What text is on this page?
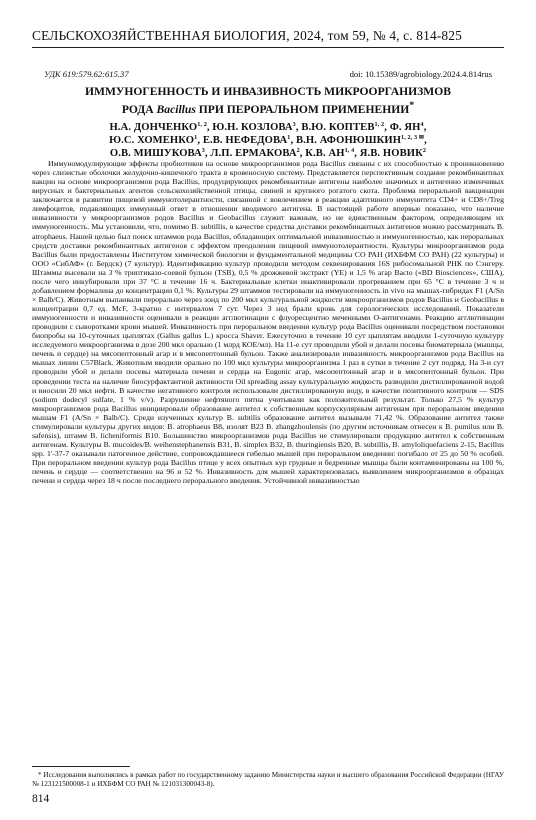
СЕЛЬСКОХОЗЯЙСТВЕННАЯ БИОЛОГИЯ, 2024, том 59, № 4, с. 814-825
УДК 619:579.62:615.37	doi: 10.15389/agrobiology.2024.4.814rus
ИММУНОГЕННОСТЬ И ИНВАЗИВНОСТЬ МИКРООРГАНИЗМОВ
РОДА Bacillus ПРИ ПЕРОРАЛЬНОМ ПРИМЕНЕНИИ*
Н.А. ДОНЧЕНКО$^{1, 2}$, Ю.Н. КОЗЛОВА$^3$, В.Ю. КОПТЕВ$^{1, 2}$, Ф. $ЯН^4$,
Ю.С. ХОМЕНКО$^1$, Е.В. НЕФЕДОВА$^1$, В.Н. $АФОНЮШКИН^{1, 2, 3 ✉}$,
О.В. МИШУКОВА$^3$, Л.П. ЕРМАКОВА$^2$, К.В. АН$^{1, 4}$, Я.В. НОВИК$^2$
Иммуномодулирующие эффекты пробиотиков на основе микроорганизмов рода Bacillus связаны с их способностью к проникновению через слизистые оболочки желудочно-кишечного тракта в кровеносную систему. Представляется перспективным создание рекомбинантных вакцин на основе микроорганизмов рода Bacillus, продуцирующих рекомбинантные антигены наиболее значимых и антигенно изменчивых вирусных и бактериальных агентов сельскохозяйственной птицы, свиней и крупного рогатого скота. Проблема пероральной вакцинации заключается в развитии пищевой иммунотолерантности, связанной с вовлечением в реакции адаптивного иммунитета CD4+ и CD8+/Treg лимфоцитов, подавляющих иммунный ответ в отношении вводимого антигена. В настоящей работе впервые показано, что наличие инвазивности у микроорганизмов родов Bacillus и Geobacillus служит важным, но не единственным фактором, определяющим их иммуногенность. Мы установили, что, помимо B. subtillis, в качестве средства доставки рекомбинантных антигенов можно рассматривать B. atrophaeus. Нашей целью был поиск штаммов рода Bacillus, обладающих оптимальной инвазивностью и иммуногенностью, как пероральных средств доставки рекомбинантных антигенов с эффектом преодоления пищевой иммунотолерантности. Культуры микроорганизмов рода Bacillus были предоставлены Институтом химической биологии и фундаментальной медицины СО РАН (ИХБФМ СО РАН) (22 культуры) и ООО «СибАФ» (г. Бердск) (7 культур). Идентификацию культур проводили методом секвенирования 16S рибосомальной РНК по Сэнгеру. Штаммы высевали на 3 % триптиказо-соевой бульон (TSB), 0,5 % дрожжевой экстракт (YE) и 1,5 % агар Bacto («BD Biosciences», США), после чего инкубировали при 37 °C в течение 16 ч. Бактериальные клетки инактивировали прогреванием при 65 °C в течение 3 ч и добавлением формалина до концентрации 0,1 %. Культуры 29 штаммов тестировали на иммуногенность in vivo на мышах-гибридах F1 (A/Sn × Balb/C). Животным выпаивали перорально через зонд по 200 мкл культуральной жидкости микроорганизмов родов Bacillus и Geobacillus в концентрации 0,7 ед. McF, 3-кратно с интервалом 7 сут. Через 3 нед брали кровь для серологических исследований. Показатели иммуногенности и инвазивности оценивали в реакции агглютинации с флуоресцентно меченными О-антигенами. Реакцию агглютинации проводили с сыворотками крови мышей. Инвазивность при пероральном введении культур рода Bacillus оценивали посредством постановки биопробы на 10-суточных цыплятах (Gallus gallus L.) кросса Shaver. Ежесуточно в течение 10 сут цыплятам вводили 1-суточную культуру исследуемого микроорганизма в дозе 200 мкл орально (1 млрд КОЕ/мл). На 11-е сут проводили убой и делали посевы биоматериала (мышцы, печень и сердце) на мясопептонный агар и в мясопептонный бульон. Также анализировали инвазивность микроорганизмов рода Bacillus на мышах линии C57Black. Животным вводили орально по 100 мкл культуры микроорганизма 1 раз в сутки в течение 2 сут подряд. На 3-и сут проводили убой и делали посевы материала печени и сердца на Eugonic агар, мясопептонный агар и в мясопептонный бульон. При проведении теста на наличие биосурфактантной активности Oil spreading assay культуральную жидкость разводили дистиллированной водой и вносили 20 мкл нефти. В качестве негативного контроля использовали дистиллированную воду, в качестве позитивного контроля — SDS (sodium dodecyl sulfate, 1 % v/v). Разрушение нефтяного пятна учитывали как положительный результат. Только 27,5 % культур микроорганизмов рода Bacillus инициировали образование антител к собственным корпускулярным антигенам при пероральном введении мышам F1 (A/Sn × Balb/C). Среди изученных культур B. subtilis образование антител вызывали 71,42 %. Образование антител также стимулировали культуры других видов: B. atrophaeus B8, изолят B23 B. zhangzhoulensis (по другим источникам отнесен к B. pumilus или B. safensis), штамм B. licheniformis B10. Большинство микроорганизмов рода Bacillus не стимулировали продукцию антител к собственным антигенам. Культуры B. mucoides/B. weihenstephanensis B31, B. simplex B32, B. thuringiensis B20, B. subtillis, B. amyloliquefaciens 2-15, Bacillus spp. 1'-37-7 оказывали патогенное действие, сопровождавшееся гибелью мышей при пероральном введении: погибало от 25 до 50 % особей. При пероральном введении культур рода Bacillus птице у всех опытных кур грудные и бедренные мышцы были контаминированы на 100 %, печень и сердце — соответственно на 96 и 52 %. Инвазивность для мышей характеризовалась выявлением микроорганизмов в образцах печени и сердца через 18 ч после последнего перорального введения. Устойчивной инвазивностью
* Исследования выполнялись в рамках работ по государственному заданию Министерства науки и высшего образования Российской Федерации (НГАУ № 123121500008-1 и ИХБФМ СО РАН № 121031300043-8).
814
